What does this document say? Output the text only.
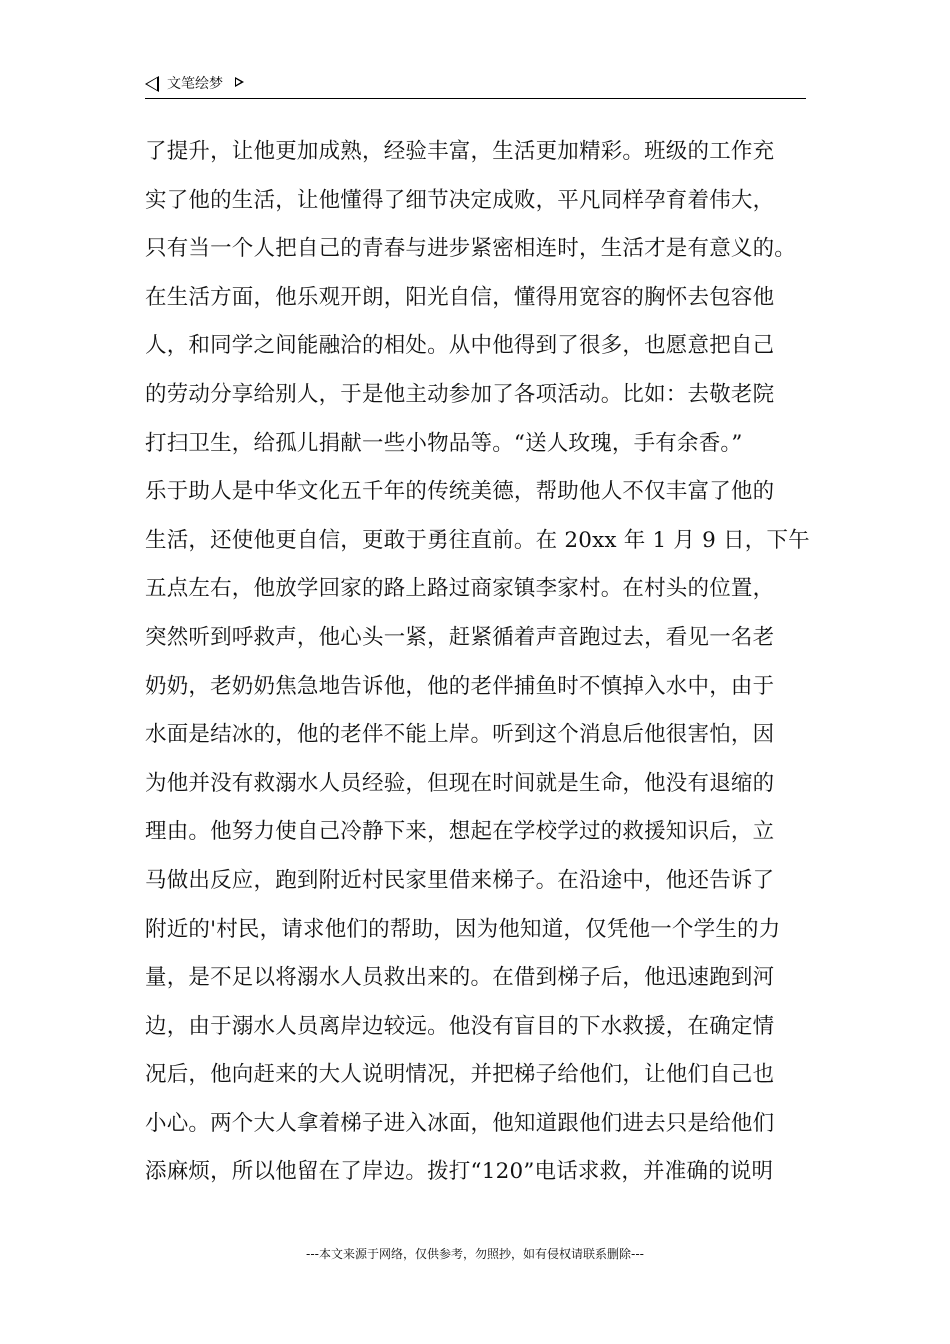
文笔绘梦
了提升，让他更加成熟，经验丰富，生活更加精彩。班级的工作充
实了他的生活，让他懂得了细节决定成败，平凡同样孕育着伟大，
只有当一个人把自己的青春与进步紧密相连时，生活才是有意义的。
在生活方面，他乐观开朗，阳光自信，懂得用宽容的胸怀去包容他
人，和同学之间能融洽的相处。从中他得到了很多，也愿意把自己
的劳动分享给别人，于是他主动参加了各项活动。比如：去敬老院
打扫卫生，给孤儿捐献一些小物品等。“送人玫瑰，手有余香。”
乐于助人是中华文化五千年的传统美德，帮助他人不仅丰富了他的
生活，还使他更自信，更敢于勇往直前。在 20xx 年 1 月 9 日，下午
五点左右，他放学回家的路上路过商家镇李家村。在村头的位置，
突然听到呼救声，他心头一紧，赶紧循着声音跑过去，看见一名老
奶奶，老奶奶焦急地告诉他，他的老伴捕鱼时不慎掉入水中，由于
水面是结冰的，他的老伴不能上岸。听到这个消息后他很害怕，因
为他并没有救溺水人员经验，但现在时间就是生命，他没有退缩的
理由。他努力使自己冷静下来，想起在学校学过的救援知识后，立
马做出反应，跑到附近村民家里借来梯子。在沿途中，他还告诉了
附近的'村民，请求他们的帮助，因为他知道，仅凭他一个学生的力
量，是不足以将溺水人员救出来的。在借到梯子后，他迅速跑到河
边，由于溺水人员离岸边较远。他没有盲目的下水救援，在确定情
况后，他向赶来的大人说明情况，并把梯子给他们，让他们自己也
小心。两个大人拿着梯子进入冰面，他知道跟他们进去只是给他们
添麻烦，所以他留在了岸边。拨打“120”电话求救，并准确的说明
---本文来源于网络，仅供参考，勿照抄，如有侵权请联系删除---
